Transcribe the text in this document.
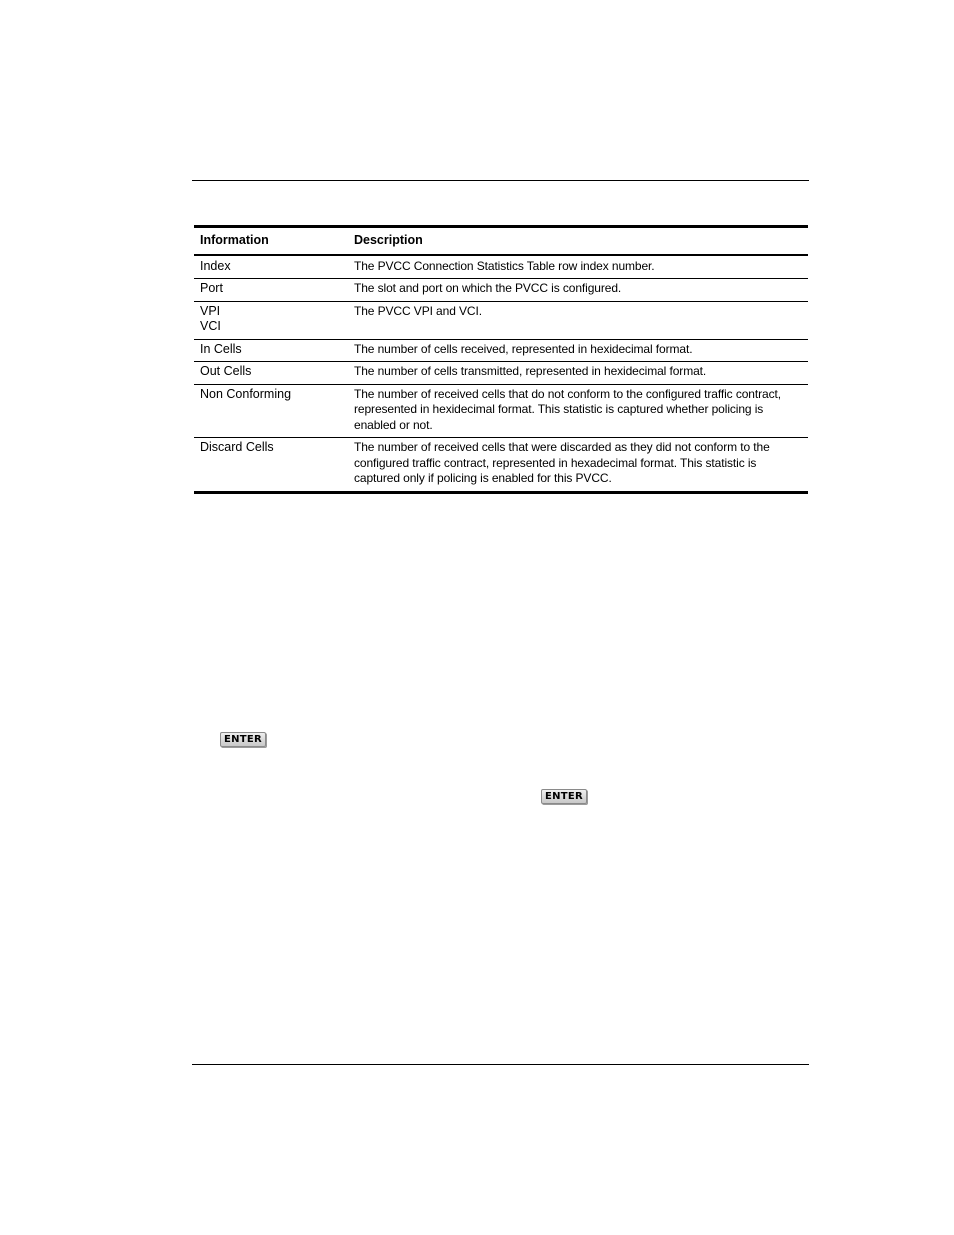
Information	Description

Index	The PVCC Connection Statistics Table row index number.

Port	The slot and port on which the PVCC is configured.

VPI
VCI	The PVCC VPI and VCI.

In Cells	The number of cells received, represented in hexidecimal format.

Out Cells	The number of cells transmitted, represented in hexidecimal format.

Non Conforming	The number of received cells that do not conform to the configured traffic contract,
represented in hexidecimal format. This statistic is captured whether policing is
enabled or not.

Discard Cells	The number of received cells that were discarded as they did not conform to the
configured traffic contract, represented in hexadecimal format. This statistic is
captured only if policing is enabled for this PVCC.
ENTER
ENTER
